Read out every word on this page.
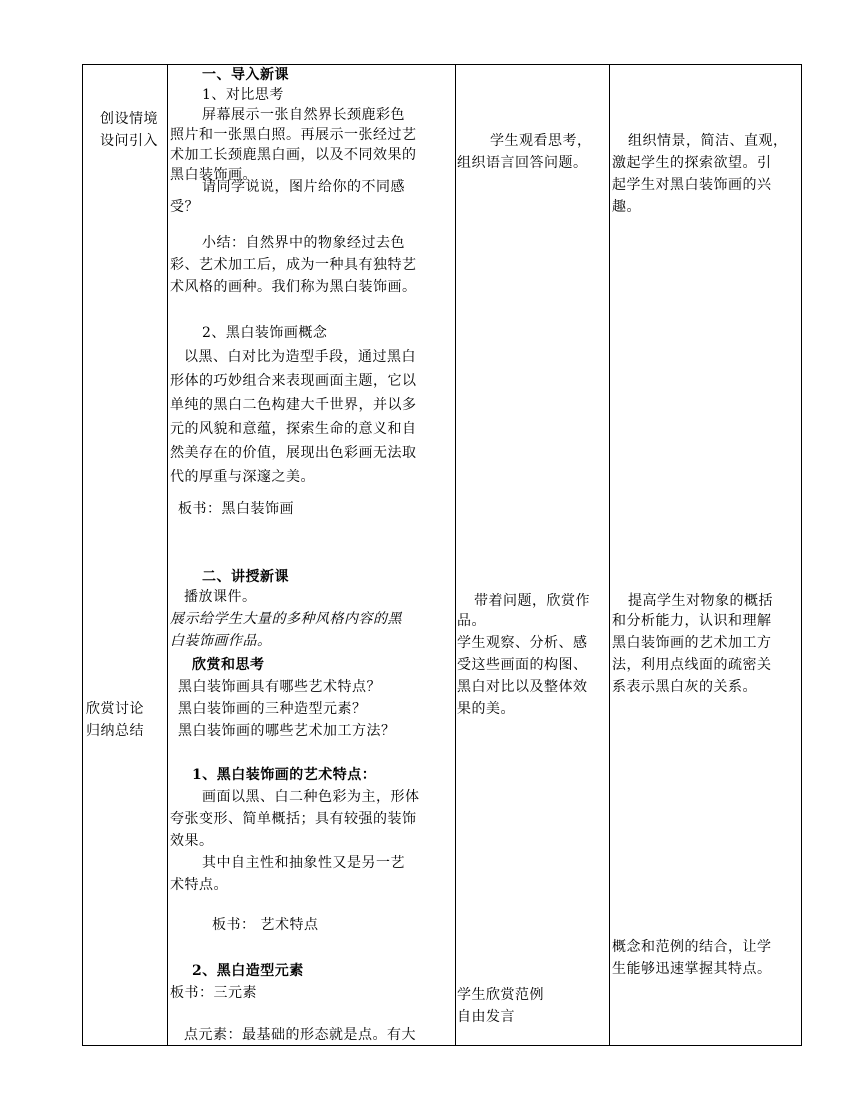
创设情境
设问引入
欣赏讨论
归纳总结
一、导入新课
1、对比思考
屏幕展示一张自然界长颈鹿彩色
照片和一张黑白照。再展示一张经过艺
术加工长颈鹿黑白画，以及不同效果的
黑白装饰画。
请同学说说，图片给你的不同感
受？
小结：自然界中的物象经过去色
彩、艺术加工后，成为一种具有独特艺
术风格的画种。我们称为黑白装饰画。
2、黑白装饰画概念
以黑、白对比为造型手段，通过黑白
形体的巧妙组合来表现画面主题，它以
单纯的黑白二色构建大千世界，并以多
元的风貌和意蕴，探索生命的意义和自
然美存在的价值，展现出色彩画无法取
代的厚重与深邃之美。
板书：黑白装饰画
二、讲授新课
播放课件。
展示给学生大量的多种风格内容的黑
白装饰画作品。
欣赏和思考
黑白装饰画具有哪些艺术特点？
黑白装饰画的三种造型元素？
黑白装饰画的哪些艺术加工方法？
1、黑白装饰画的艺术特点：
画面以黑、白二种色彩为主，形体
夸张变形、简单概括；具有较强的装饰
效果。
其中自主性和抽象性又是另一艺
术特点。
板书： 艺术特点
2、黑白造型元素
板书：三元素
点元素：最基础的形态就是点。有大
学生观看思考，
组织语言回答问题。
带着问题，欣赏作
品。
学生观察、分析、感
受这些画面的构图、
黑白对比以及整体效
果的美。
学生欣赏范例
自由发言
组织情景，简洁、直观，
激起学生的探索欲望。引
起学生对黑白装饰画的兴
趣。
提高学生对物象的概括
和分析能力，认识和理解
黑白装饰画的艺术加工方
法，利用点线面的疏密关
系表示黑白灰的关系。
概念和范例的结合，让学
生能够迅速掌握其特点。
